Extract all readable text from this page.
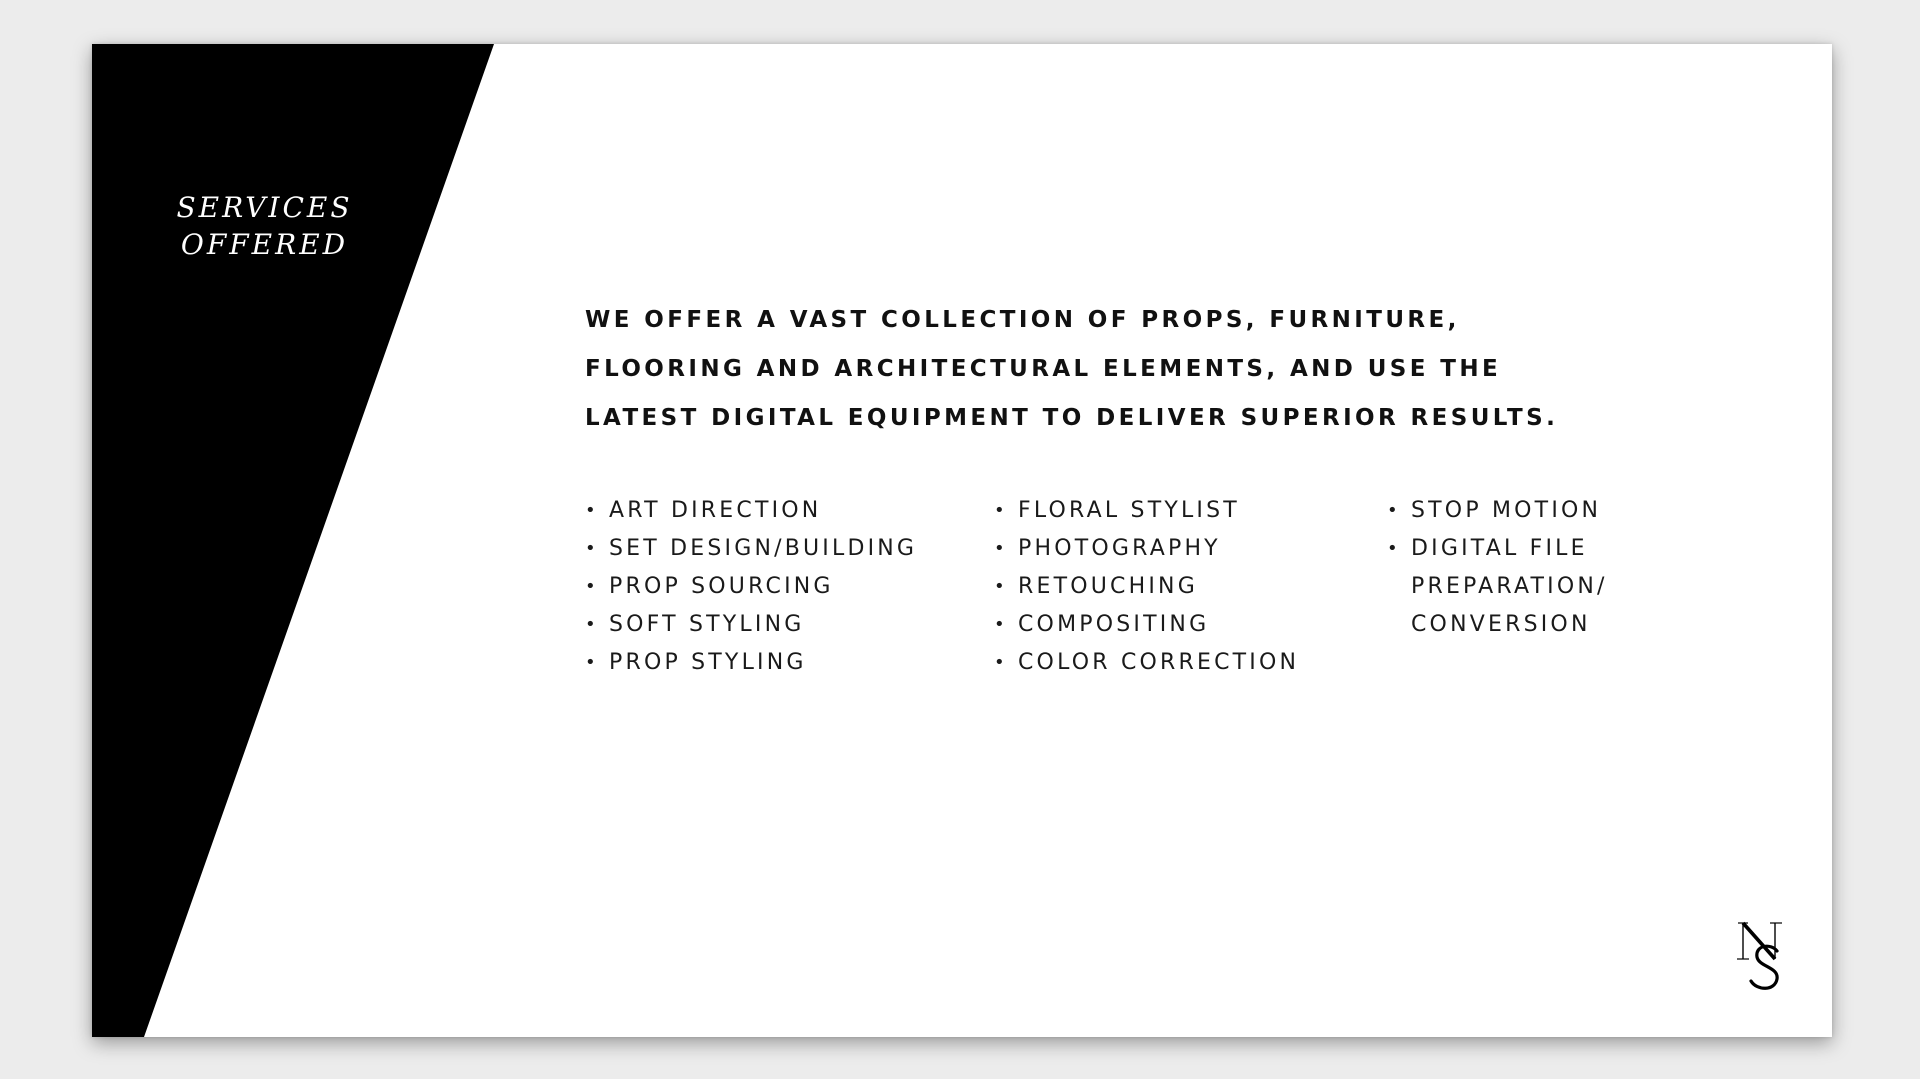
SERVICES
OFFERED

WE OFFER A VAST COLLECTION OF PROPS, FURNITURE,
FLOORING AND ARCHITECTURAL ELEMENTS, AND USE THE
LATEST DIGITAL EQUIPMENT TO DELIVER SUPERIOR RESULTS.

• ART DIRECTION
• SET DESIGN/BUILDING
• PROP SOURCING
• SOFT STYLING
• PROP STYLING
• FLORAL STYLIST
• PHOTOGRAPHY
• RETOUCHING
• COMPOSITING
• COLOR CORRECTION
• STOP MOTION
• DIGITAL FILE
PREPARATION/
CONVERSION
